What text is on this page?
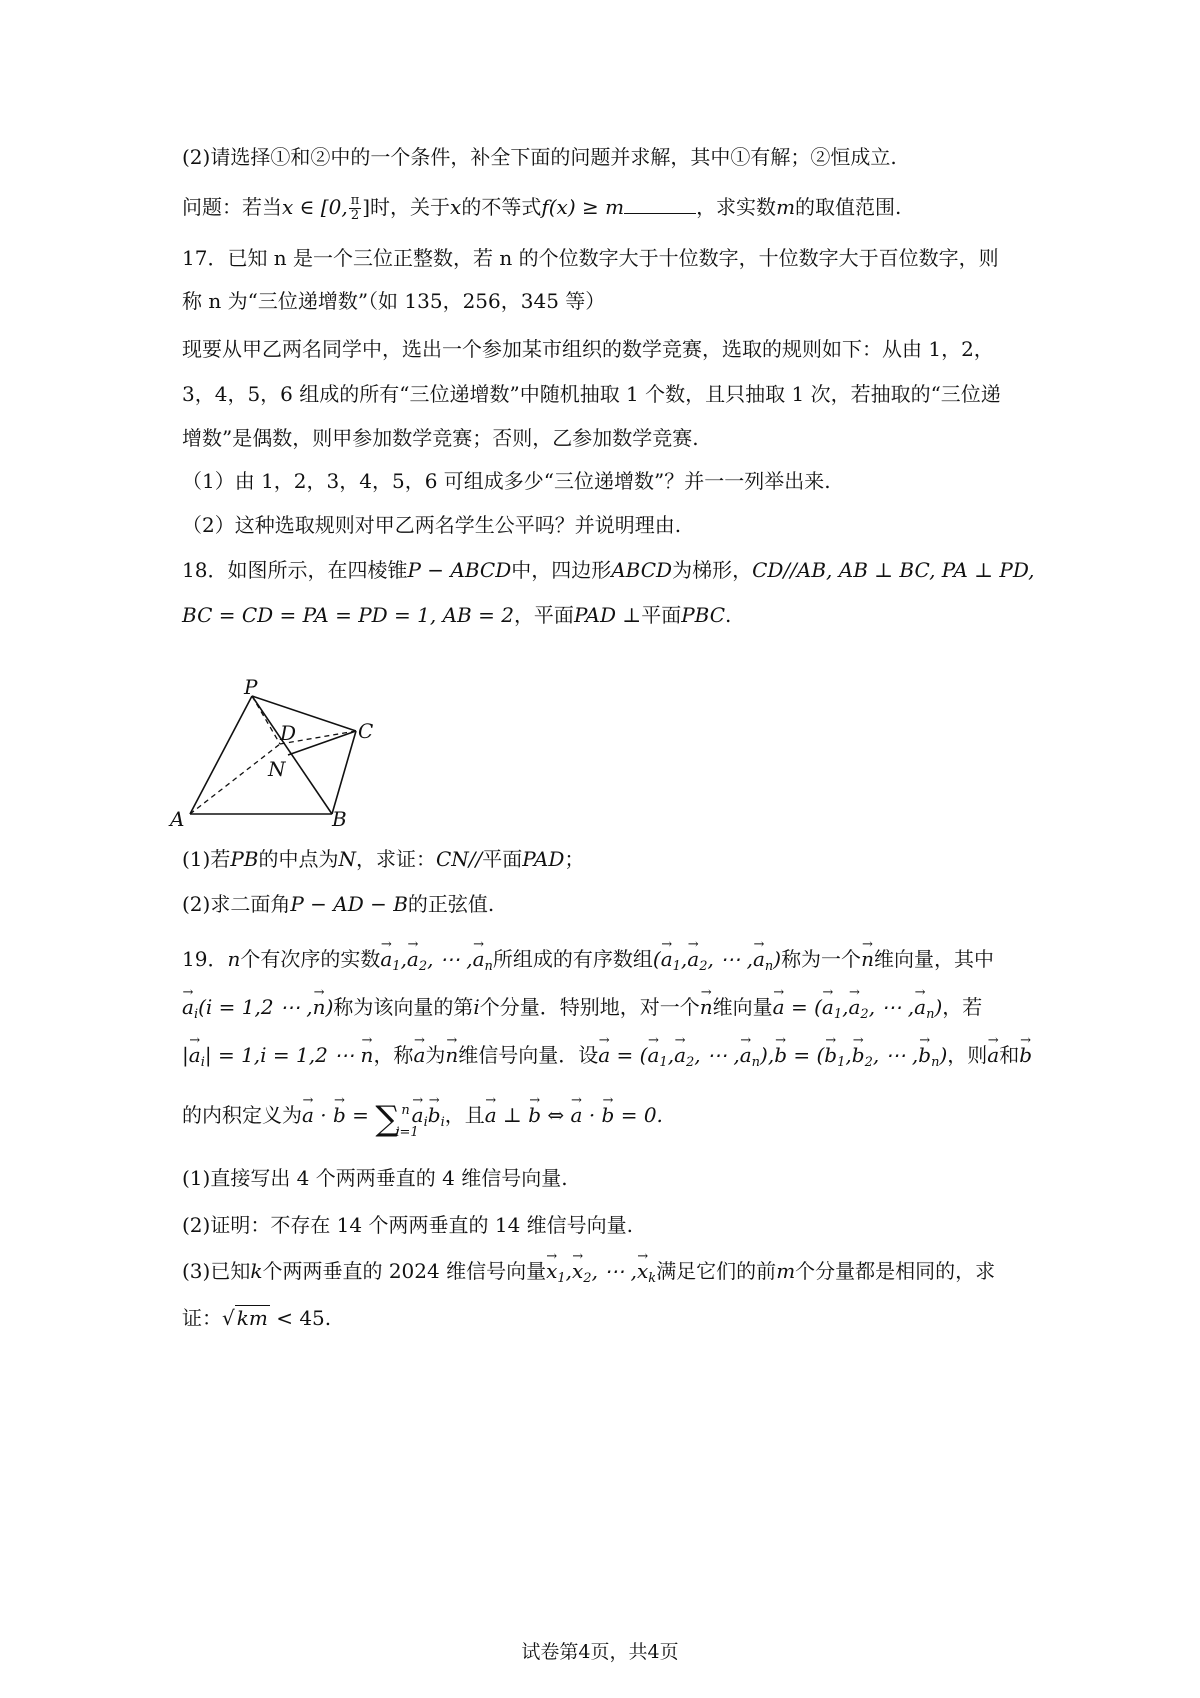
(2)请选择①和②中的一个条件，补全下面的问题并求解，其中①有解；②恒成立.
问题：若当x ∈ [0, $\frac{\pi}{2}$ ]时，关于x的不等式f(x) ≥ m	，求实数m的取值范围.
17．已知 n 是一个三位正整数，若 n 的个位数字大于十位数字，十位数字大于百位数字，则
称 n 为“三位递增数”（如 135，256，345 等）
现要从甲乙两名同学中，选出一个参加某市组织的数学竞赛，选取的规则如下：从由 1，2，
3，4，5，6 组成的所有“三位递增数”中随机抽取 1 个数，且只抽取 1 次，若抽取的“三位递
增数”是偶数，则甲参加数学竞赛；否则，乙参加数学竞赛.
（1）由 1，2，3，4，5，6 可组成多少“三位递增数”？并一一列举出来.
（2）这种选取规则对甲乙两名学生公平吗？并说明理由.
18．如图所示，在四棱锥P − ABCD中，四边形ABCD为梯形，CD//AB, AB ⊥ BC, PA ⊥ PD,
BC = CD = PA = PD = 1, AB = 2，平面PAD ⊥平面PBC.
P
D	C
N
A	B
(1)若PB的中点为N，求证：CN//平面PAD；
(2)求二面角P − AD − B的正弦值.
19．n个有次序的实数→ $a_1,\to a_2$, ⋯ ,→ $a_n$所组成的有序数组(→ $a_1,\to a_2$, ⋯ ,→ $a_n$)称为一个→ n维向量，其中
→ $a_i(i = 1,2$ ⋯ ,→ n)称为该向量的第i个分量．特别地，对一个→ n维向量→ a = (→ $a_1,\to a_2$, ⋯ ,→ $a_n$)，若
|→ $a_i| = 1,i = 1,2$ ⋯ → n，称→ a为→ n维信号向量．设→ a = (→ $a_1,\to a_2$, ⋯ ,→ $a_n),\to b$ = (→ $b_1,\to b_2$, ⋯ ,→ $b_n$)，则→ a和→ b
的内积定义为→ a · → b = ∑ n
i=1
→ $a_i\to b_i$，且→ a ⊥ → b ⇔ → a · → b = 0.
(1)直接写出 4 个两两垂直的 4 维信号向量.
(2)证明：不存在 14 个两两垂直的 14 维信号向量.
(3)已知k个两两垂直的 2024 维信号向量→ $x_1,\to x_2$, ⋯ ,→ $x_k$满足它们的前m个分量都是相同的，求
证：√ km < 45.
试卷第4页，共4页
